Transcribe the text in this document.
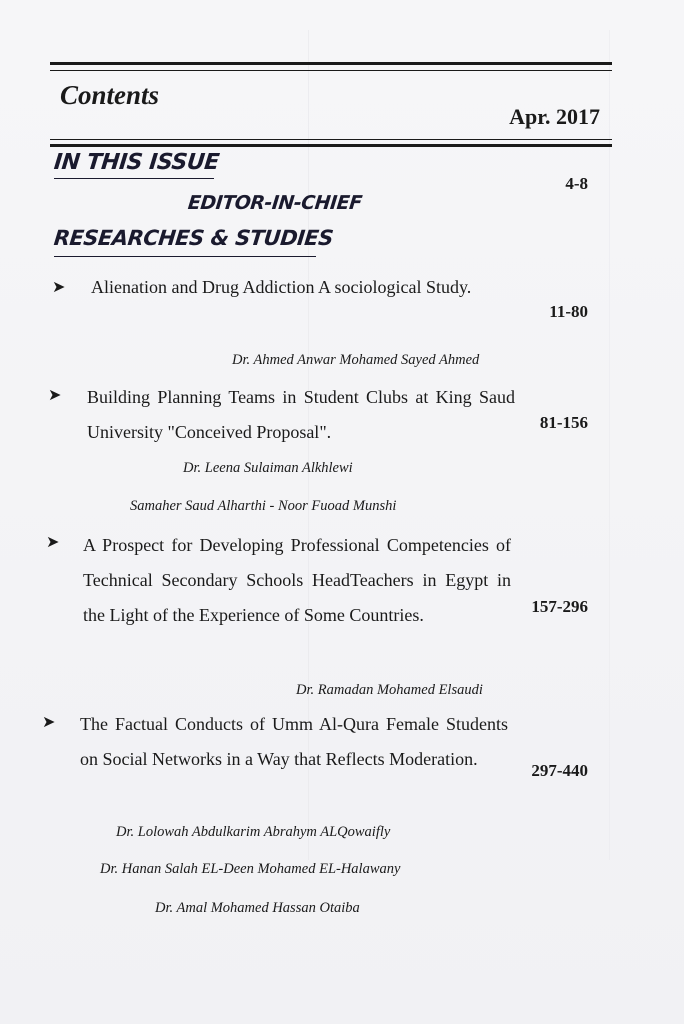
Contents
Apr. 2017
IN THIS ISSUE
EDITOR-IN-CHIEF
4-8
RESEARCHES & STUDIES
➤ Alienation and Drug Addiction A sociological Study.
11-80
Dr. Ahmed Anwar Mohamed Sayed Ahmed
➤ Building Planning Teams in Student Clubs at King Saud University "Conceived Proposal".	81-156
Dr. Leena Sulaiman Alkhlewi
Samaher Saud Alharthi - Noor Fuoad Munshi
➤ A Prospect for Developing Professional Competencies of Technical Secondary Schools HeadTeachers in Egypt in the Light of the Experience of Some Countries.	157-296
Dr. Ramadan Mohamed Elsaudi
➤ The Factual Conducts of Umm Al-Qura Female Students on Social Networks in a Way that Reflects Moderation.
297-440
Dr. Lolowah Abdulkarim Abrahym ALQowaifly
Dr. Hanan Salah EL-Deen Mohamed EL-Halawany
Dr. Amal Mohamed Hassan Otaiba
